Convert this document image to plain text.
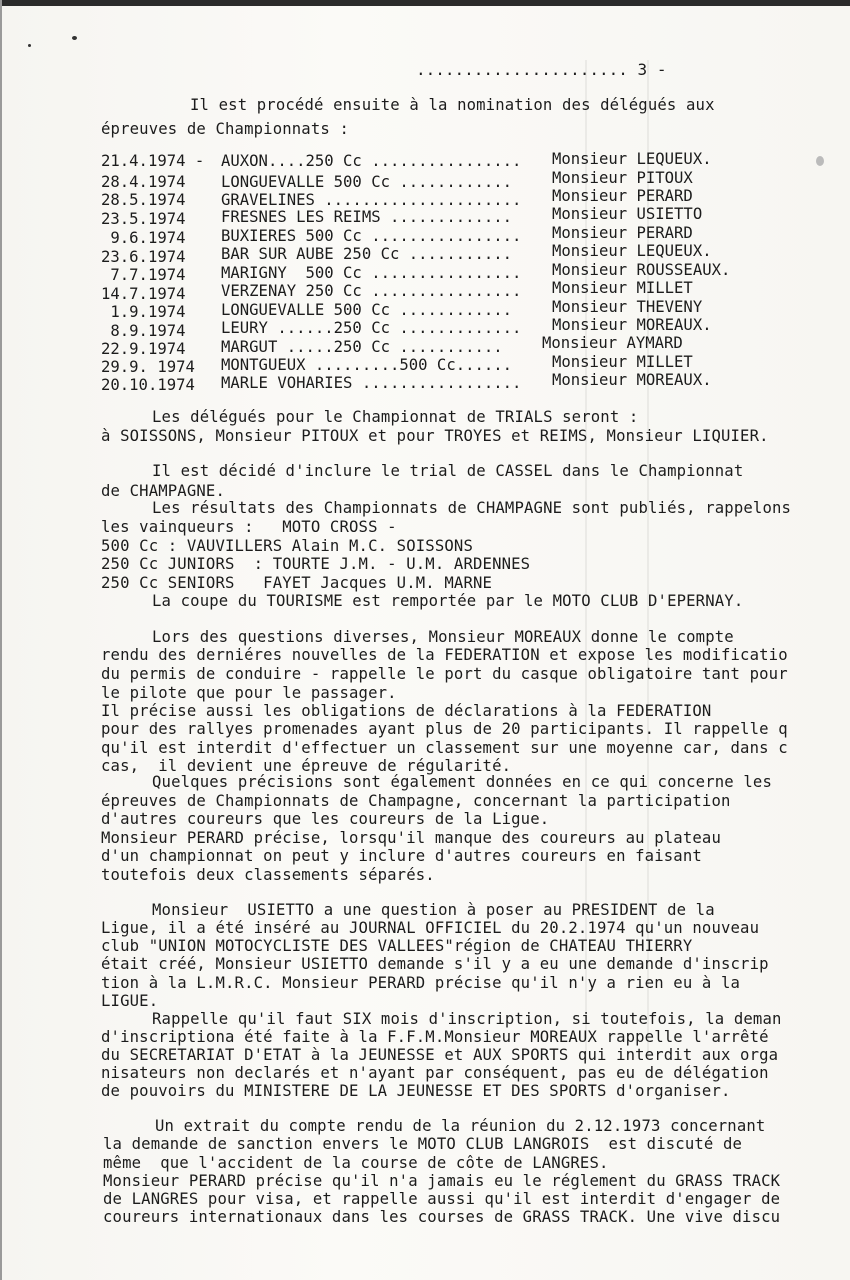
...................... 3 -
Il est procédé ensuite à la nomination des délégués aux
épreuves de Championnats :
21.4.1974 - AUXON....250 Cc ................ Monsieur LEQUEUX.
28.4.1974 LONGUEVALLE 500 Cc ............	Monsieur PITOUX
28.5.1974 GRAVELINES ..................... Monsieur PERARD
23.5.1974 FRESNES LES REIMS .............	Monsieur USIETTO
9.6.1974 BUXIERES 500 Cc ................ Monsieur PERARD
23.6.1974 BAR SUR AUBE 250 Cc ...........	Monsieur LEQUEUX.
7.7.1974 MARIGNY  500 Cc ................ Monsieur ROUSSEAUX.
14.7.1974 VERZENAY 250 Cc ................ Monsieur MILLET
1.9.1974 LONGUEVALLE 500 Cc ............	Monsieur THEVENY
8.9.1974 LEURY ......250 Cc ............. Monsieur MOREAUX.
22.9.1974 MARGUT .....250 Cc ...........	Monsieur AYMARD
29.9. 1974 MONTGUEUX .........500 Cc......	Monsieur MILLET
20.10.1974 MARLE VOHARIES ................. Monsieur MOREAUX.
Les délégués pour le Championnat de TRIALS seront :
à SOISSONS, Monsieur PITOUX et pour TROYES et REIMS, Monsieur LIQUIER.
Il est décidé d'inclure le trial de CASSEL dans le Championnat
de CHAMPAGNE.
Les résultats des Championnats de CHAMPAGNE sont publiés, rappelons
les vainqueurs :   MOTO CROSS -
500 Cc : VAUVILLERS Alain M.C. SOISSONS
250 Cc JUNIORS  : TOURTE J.M. - U.M. ARDENNES
250 Cc SENIORS   FAYET Jacques U.M. MARNE
La coupe du TOURISME est remportée par le MOTO CLUB D'EPERNAY.
Lors des questions diverses, Monsieur MOREAUX donne le compte
rendu des derniéres nouvelles de la FEDERATION et expose les modificatio
du permis de conduire - rappelle le port du casque obligatoire tant pour
le pilote que pour le passager.
Il précise aussi les obligations de déclarations à la FEDERATION
pour des rallyes promenades ayant plus de 20 participants. Il rappelle q
qu'il est interdit d'effectuer un classement sur une moyenne car, dans c
cas,  il devient une épreuve de régularité.
Quelques précisions sont également données en ce qui concerne les
épreuves de Championnats de Champagne, concernant la participation
d'autres coureurs que les coureurs de la Ligue.
Monsieur PERARD précise, lorsqu'il manque des coureurs au plateau
d'un championnat on peut y inclure d'autres coureurs en faisant
toutefois deux classements séparés.
Monsieur  USIETTO a une question à poser au PRESIDENT de la
Ligue, il a été inséré au JOURNAL OFFICIEL du 20.2.1974 qu'un nouveau
club "UNION MOTOCYCLISTE DES VALLEES"région de CHATEAU THIERRY
était créé, Monsieur USIETTO demande s'il y a eu une demande d'inscrip
tion à la L.M.R.C. Monsieur PERARD précise qu'il n'y a rien eu à la
LIGUE.
Rappelle qu'il faut SIX mois d'inscription, si toutefois, la deman
d'inscriptiona été faite à la F.F.M.Monsieur MOREAUX rappelle l'arrêté
du SECRETARIAT D'ETAT à la JEUNESSE et AUX SPORTS qui interdit aux orga
nisateurs non declarés et n'ayant par conséquent, pas eu de délégation
de pouvoirs du MINISTERE DE LA JEUNESSE ET DES SPORTS d'organiser.
Un extrait du compte rendu de la réunion du 2.12.1973 concernant
la demande de sanction envers le MOTO CLUB LANGROIS  est discuté de
même  que l'accident de la course de côte de LANGRES.
Monsieur PERARD précise qu'il n'a jamais eu le réglement du GRASS TRACK
de LANGRES pour visa, et rappelle aussi qu'il est interdit d'engager de
coureurs internationaux dans les courses de GRASS TRACK. Une vive discu
